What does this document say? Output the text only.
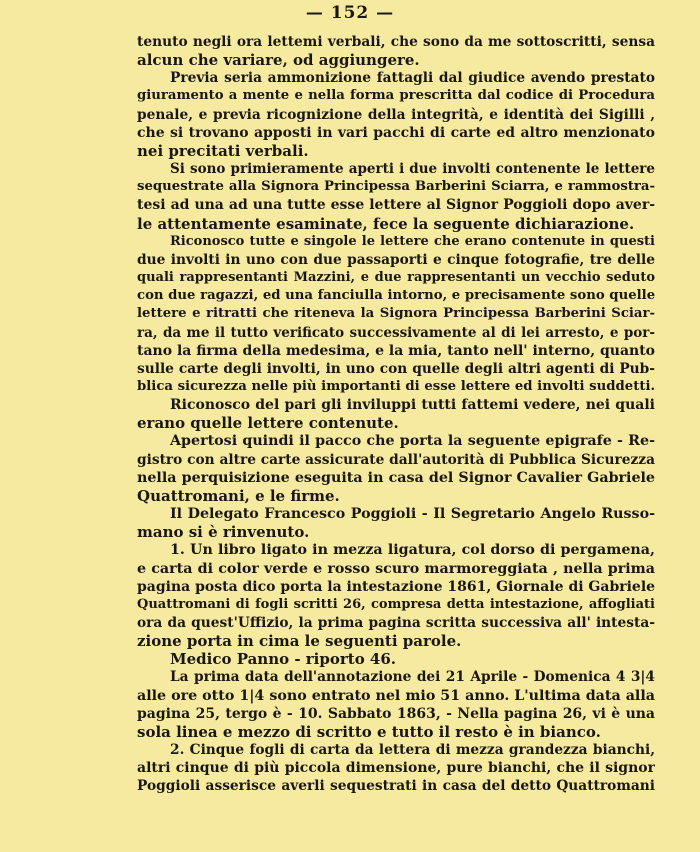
— 152 —
tenuto negli ora lettemi verbali, che sono da me sottoscritti, sensa
alcun che variare, od aggiungere.
Previa seria ammonizione fattagli dal giudice avendo prestato
giuramento a mente e nella forma prescritta dal codice di Procedura
penale, e previa ricognizione della integrità, e identità dei Sigilli ,
che si trovano apposti in vari pacchi di carte ed altro menzionato
nei precitati verbali.
Si sono primieramente aperti i due involti contenente le lettere
sequestrate alla Signora Principessa Barberini Sciarra, e rammostra-
tesi ad una ad una tutte esse lettere al Signor Poggioli dopo aver-
le attentamente esaminate, fece la seguente dichiarazione.
Riconosco tutte e singole le lettere che erano contenute in questi
due involti in uno con due passaporti e cinque fotografie, tre delle
quali rappresentanti Mazzini, e due rappresentanti un vecchio seduto
con due ragazzi, ed una fanciulla intorno, e precisamente sono quelle
lettere e ritratti che riteneva la Signora Principessa Barberini Sciar-
ra, da me il tutto verificato successivamente al di lei arresto, e por-
tano la firma della medesima, e la mia, tanto nell' interno, quanto
sulle carte degli involti, in uno con quelle degli altri agenti di Pub-
blica sicurezza nelle più importanti di esse lettere ed involti suddetti.
Riconosco del pari gli inviluppi tutti fattemi vedere, nei quali
erano quelle lettere contenute.
Apertosi quindi il pacco che porta la seguente epigrafe - Re-
gistro con altre carte assicurate dall'autorità di Pubblica Sicurezza
nella perquisizione eseguita in casa del Signor Cavalier Gabriele
Quattromani, e le firme.
Il Delegato Francesco Poggioli - Il Segretario Angelo Russo-
mano si è rinvenuto.
1. Un libro ligato in mezza ligatura, col dorso di pergamena,
e carta di color verde e rosso scuro marmoreggiata , nella prima
pagina posta dico porta la intestazione 1861, Giornale di Gabriele
Quattromani di fogli scritti 26, compresa detta intestazione, affogliati
ora da quest'Uffizio, la prima pagina scritta successiva all' intesta-
zione porta in cima le seguenti parole.
Medico Panno - riporto 46.
La prima data dell'annotazione dei 21 Aprile - Domenica 4 3|4
alle ore otto 1|4 sono entrato nel mio 51 anno. L'ultima data alla
pagina 25, tergo è - 10. Sabbato 1863, - Nella pagina 26, vi è una
sola linea e mezzo di scritto e tutto il resto è in bianco.
2. Cinque fogli di carta da lettera di mezza grandezza bianchi,
altri cinque di più piccola dimensione, pure bianchi, che il signor
Poggioli asserisce averli sequestrati in casa del detto Quattromani
